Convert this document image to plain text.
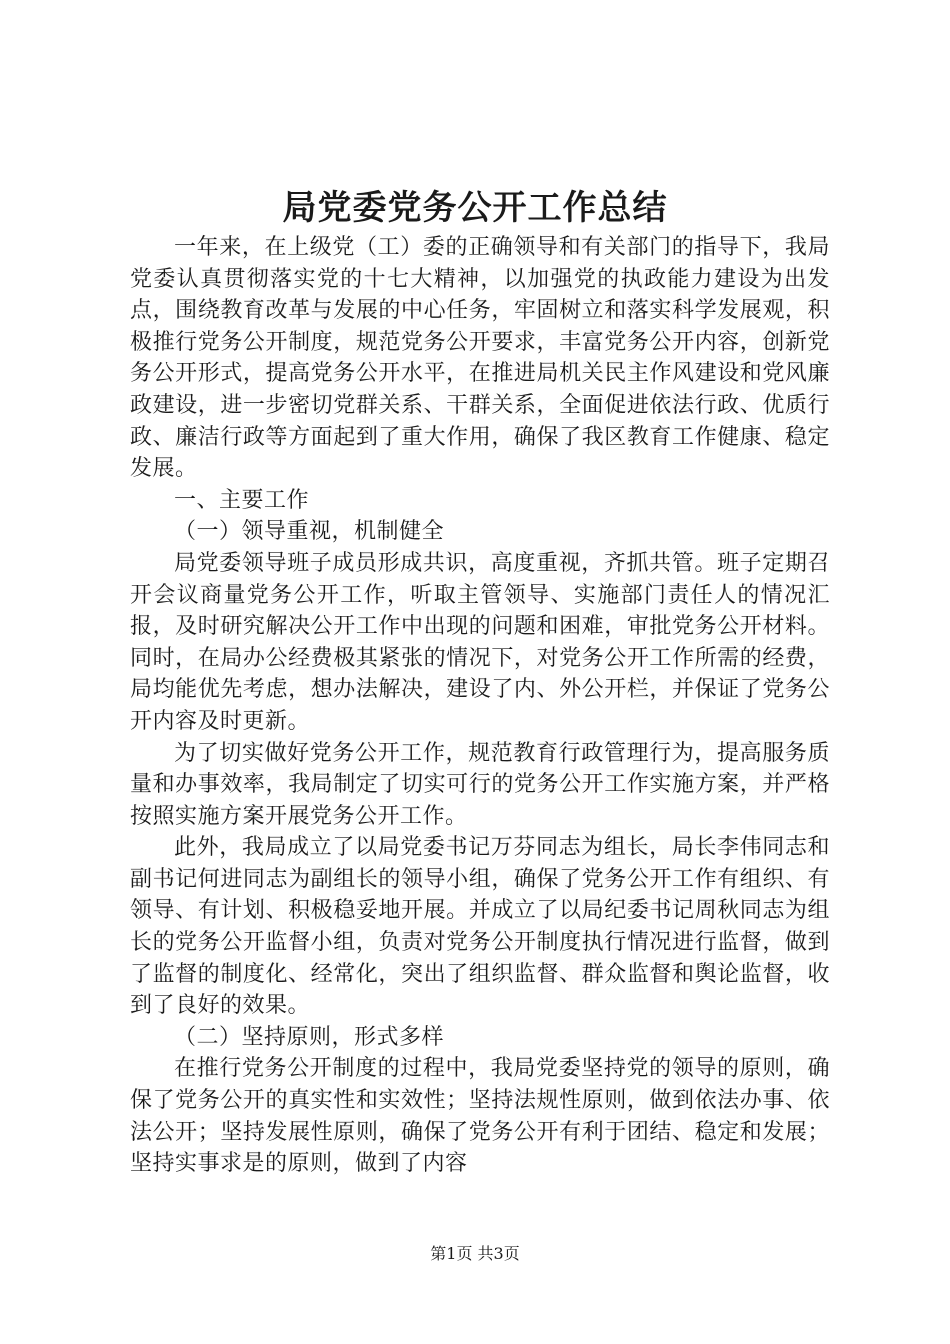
局党委党务公开工作总结

一年来，在上级党（工）委的正确领导和有关部门的指导下，我局党委认真贯彻落实党的十七大精神，以加强党的执政能力建设为出发点，围绕教育改革与发展的中心任务，牢固树立和落实科学发展观，积极推行党务公开制度，规范党务公开要求，丰富党务公开内容，创新党务公开形式，提高党务公开水平，在推进局机关民主作风建设和党风廉政建设，进一步密切党群关系、干群关系，全面促进依法行政、优质行政、廉洁行政等方面起到了重大作用，确保了我区教育工作健康、稳定发展。

一、主要工作

（一）领导重视，机制健全

局党委领导班子成员形成共识，高度重视，齐抓共管。班子定期召开会议商量党务公开工作，听取主管领导、实施部门责任人的情况汇报，及时研究解决公开工作中出现的问题和困难，审批党务公开材料。同时，在局办公经费极其紧张的情况下，对党务公开工作所需的经费，局均能优先考虑，想办法解决，建设了内、外公开栏，并保证了党务公开内容及时更新。

为了切实做好党务公开工作，规范教育行政管理行为，提高服务质量和办事效率，我局制定了切实可行的党务公开工作实施方案，并严格按照实施方案开展党务公开工作。

此外，我局成立了以局党委书记万芬同志为组长，局长李伟同志和副书记何进同志为副组长的领导小组，确保了党务公开工作有组织、有领导、有计划、积极稳妥地开展。并成立了以局纪委书记周秋同志为组长的党务公开监督小组，负责对党务公开制度执行情况进行监督，做到了监督的制度化、经常化，突出了组织监督、群众监督和舆论监督，收到了良好的效果。

（二）坚持原则，形式多样

在推行党务公开制度的过程中，我局党委坚持党的领导的原则，确保了党务公开的真实性和实效性；坚持法规性原则，做到依法办事、依法公开；坚持发展性原则，确保了党务公开有利于团结、稳定和发展；坚持实事求是的原则，做到了内容

第1页 共3页
